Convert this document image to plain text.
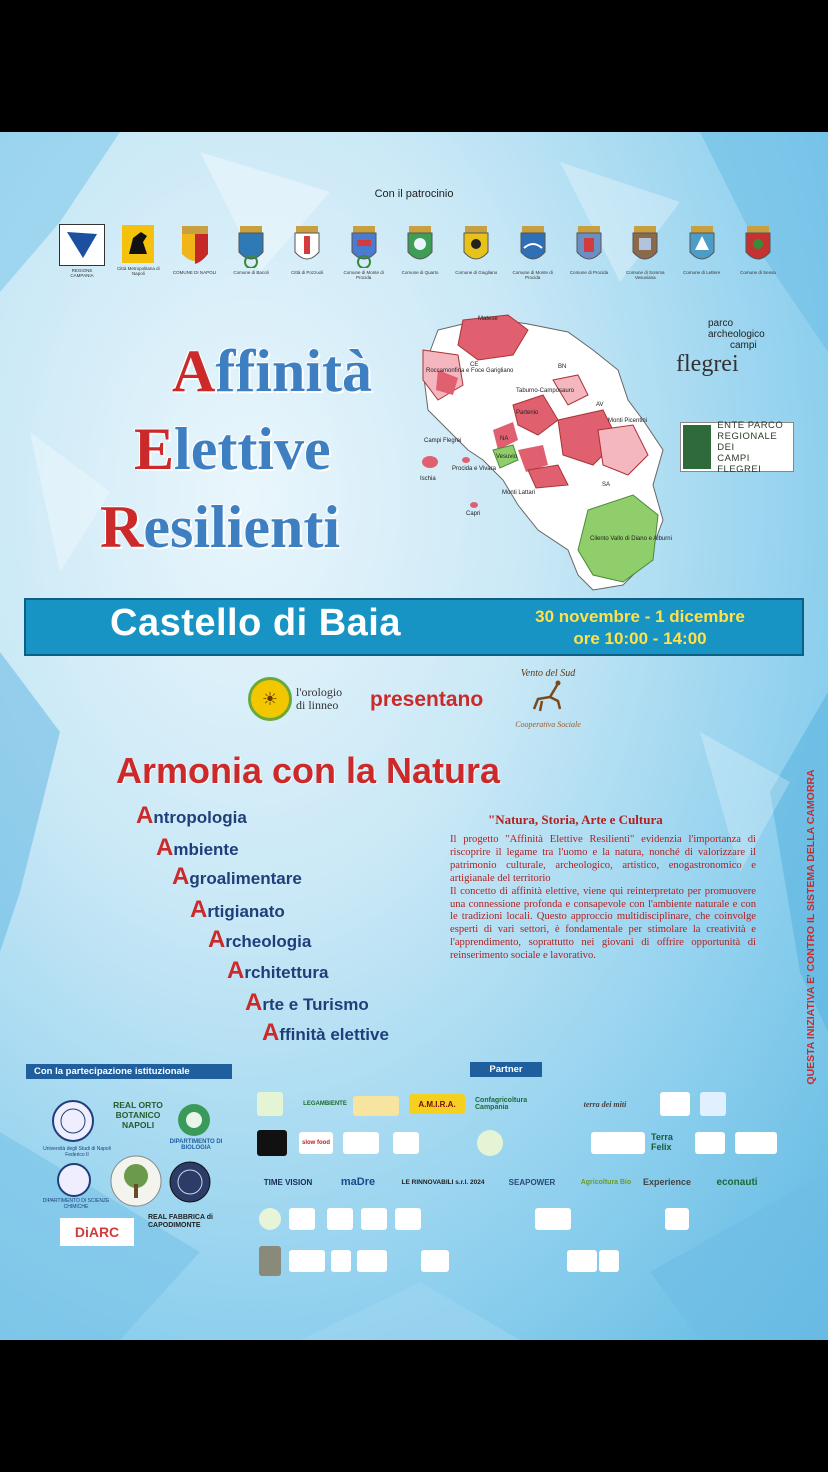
Con il patrocinio
REGIONE CAMPANIA
Città Metropolitana di Napoli	COMUNE DI NAPOLI	Comune di Bacoli	Città di Pozzuoli	Comune di Monte di Procida
Comune di Quarto	Comune di Giugliano	Comune di Monte di Procida
Comune di Procida	Comune di Somma Vesuviana
Comune di Lettere	Comune di Sessa
Affinità
Elettive
Resilienti
Matese
CE
Roccamonfina e Foce Garigliano
BN
Taburno-Camposauro
Partenio
AV
Monti Picentini
Campi Flegrei	NA
Vesuvio
Ischia
Procida e Vivara
SA
Monti Lattari
Capri
Cilento Vallo di Diano e Alburni
parco
archeologico
campi
flegrei
ENTE PARCO
REGIONALE DEI
CAMPI FLEGREI
Castello di Baia	30 novembre - 1 dicembre
ore 10:00 - 14:00
☀	l'orologio
di linneo presentano
Vento del Sud
Cooperativa Sociale
Armonia con la Natura
Antropologia
Ambiente
Agroalimentare
Artigianato
Archeologia
Architettura
Arte e Turismo
Affinità elettive
"Natura, Storia, Arte e Cultura
Il progetto "Affinità Elettive Resilienti" evidenzia l'importanza di riscoprire il legame tra l'uomo e la natura, nonché di valorizzare il patrimonio culturale, archeologico, artistico, enogastronomico e artigianale del territorio
Il concetto di affinità elettive, viene qui reinterpretato per promuovere una connessione profonda e consapevole con l'ambiente naturale e con le tradizioni locali. Questo approccio multidisciplinare, che coinvolge esperti di vari settori, è fondamentale per stimolare la creatività e l'apprendimento, soprattutto nei giovani di offrire opportunità di reinserimento sociale e lavorativo.	QUESTA INIZIATIVA E' CONTRO IL SISTEMA DELLA CAMORRA
Con la partecipazione istituzionale	Partner
Università degli Studi di Napoli Federico II
REAL ORTO BOTANICO NAPOLI
DIPARTIMENTO DI BIOLOGIA
DIPARTIMENTO DI SCIENZE CHIMICHE
DiARC
REAL FABBRICA di CAPODIMONTE
LEGAMBIENTE	A.M.I.R.A.	Confagricoltura Campania	terra dei miti
slow food
Terra Felix
TIME VISION	maDre	LE RINNOVABILI s.r.l. 2024	SEAPOWER	Agricoltura Bio	Experience	econauti
